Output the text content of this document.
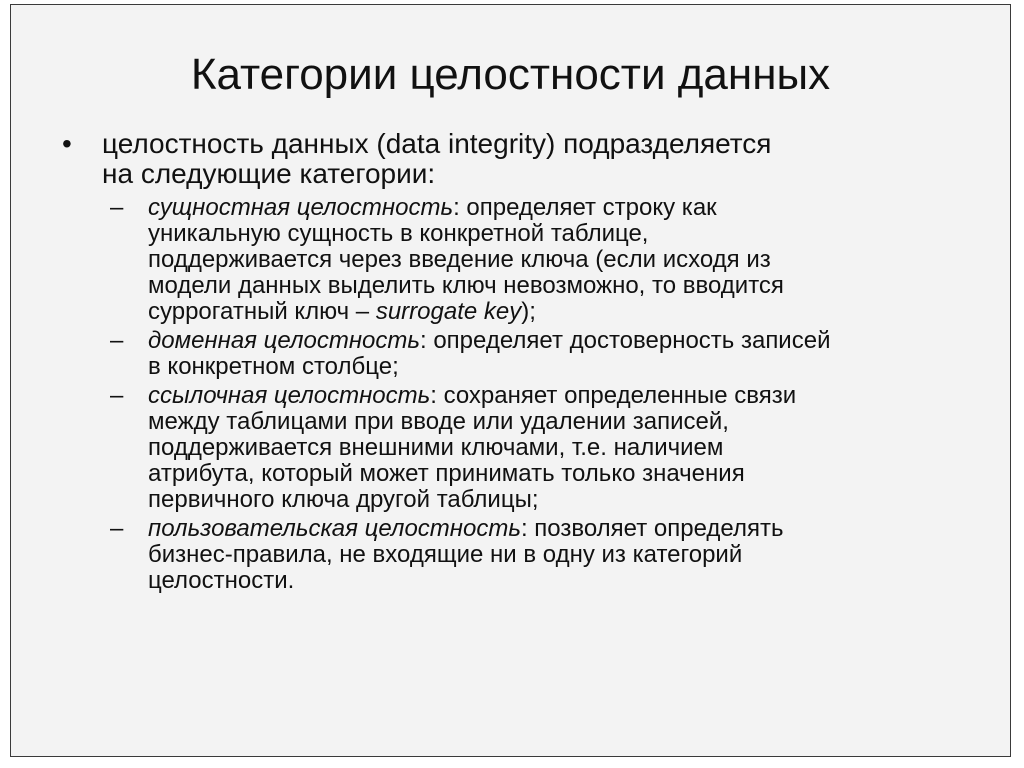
Категории целостности данных
•	целостность данных (data integrity) подразделяется
на следующие категории:
–	сущностная целостность: определяет строку как
уникальную сущность в конкретной таблице,
поддерживается через введение ключа (если исходя из
модели данных выделить ключ невозможно, то вводится
суррогатный ключ – surrogate key);
–	доменная целостность: определяет достоверность записей
в конкретном столбце;
–	ссылочная целостность: сохраняет определенные связи
между таблицами при вводе или удалении записей,
поддерживается внешними ключами, т.е. наличием
атрибута, который может принимать только значения
первичного ключа другой таблицы;
–	пользовательская целостность: позволяет определять
бизнес-правила, не входящие ни в одну из категорий
целостности.
